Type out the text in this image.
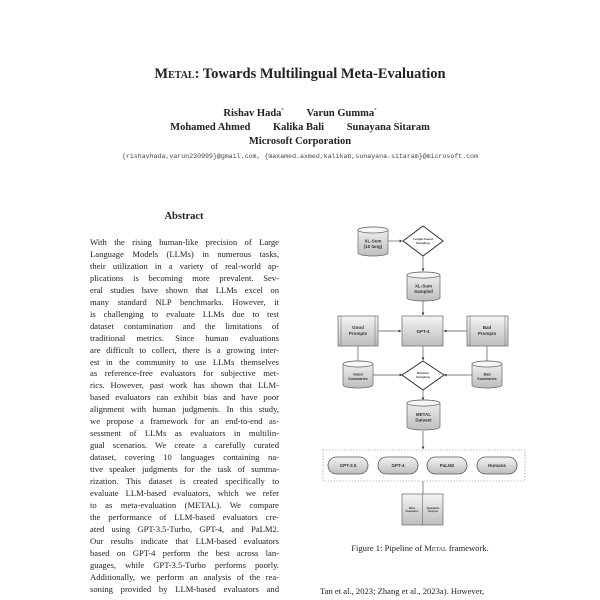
Metal: Towards Multilingual Meta-Evaluation
Rishav Hada* Varun Gumma*
Mohamed Ahmed Kalika Bali Sunayana Sitaram
Microsoft Corporation
{rishavhada,varun230999}@gmail.com, {maxamed.axmed,kalikab,sunayana.sitaram}@microsoft.com
Abstract
With the rising human-like precision of Large
Language Models (LLMs) in numerous tasks,
their utilization in a variety of real-world ap-
plications is becoming more prevalent. Sev-
eral studies have shown that LLMs excel on
many standard NLP benchmarks. However, it
is challenging to evaluate LLMs due to test
dataset contamination and the limitations of
traditional metrics. Since human evaluations
are difficult to collect, there is a growing inter-
est in the community to use LLMs themselves
as reference-free evaluators for subjective met-
rics. However, past work has shown that LLM-
based evaluators can exhibit bias and have poor
alignment with human judgments. In this study,
we propose a framework for an end-to-end as-
sessment of LLMs as evaluators in multilin-
gual scenarios. We create a carefully curated
dataset, covering 10 languages containing na-
tive speaker judgments for the task of summa-
rization. This dataset is created specifically to
evaluate LLM-based evaluators, which we refer
to as meta-evaluation (METAL). We compare
the performance of LLM-based evaluators cre-
ated using GPT-3.5-Turbo, GPT-4, and PaLM2.
Our results indicate that LLM-based evaluators
based on GPT-4 perform the best across lan-
guages, while GPT-3.5-Turbo performs poorly.
Additionally, we perform an analysis of the rea-
soning provided by LLM-based evaluators and
XL-Sum
(10 lang)
XL-Sum
Sampled
Good
Summaries
Bad
Summaries
METAL
Dataset
Length-based
Sampling
Random
Sampling
Good
Prompts	GPT-4
Bad
Prompts
GPT-3.5	GPT-4	PaLM2	Humans
Meta
Evaluation
Qualitative
Analysis
Figure 1: Pipeline of Metal framework.
Tan et al., 2023; Zhang et al., 2023a). However,
